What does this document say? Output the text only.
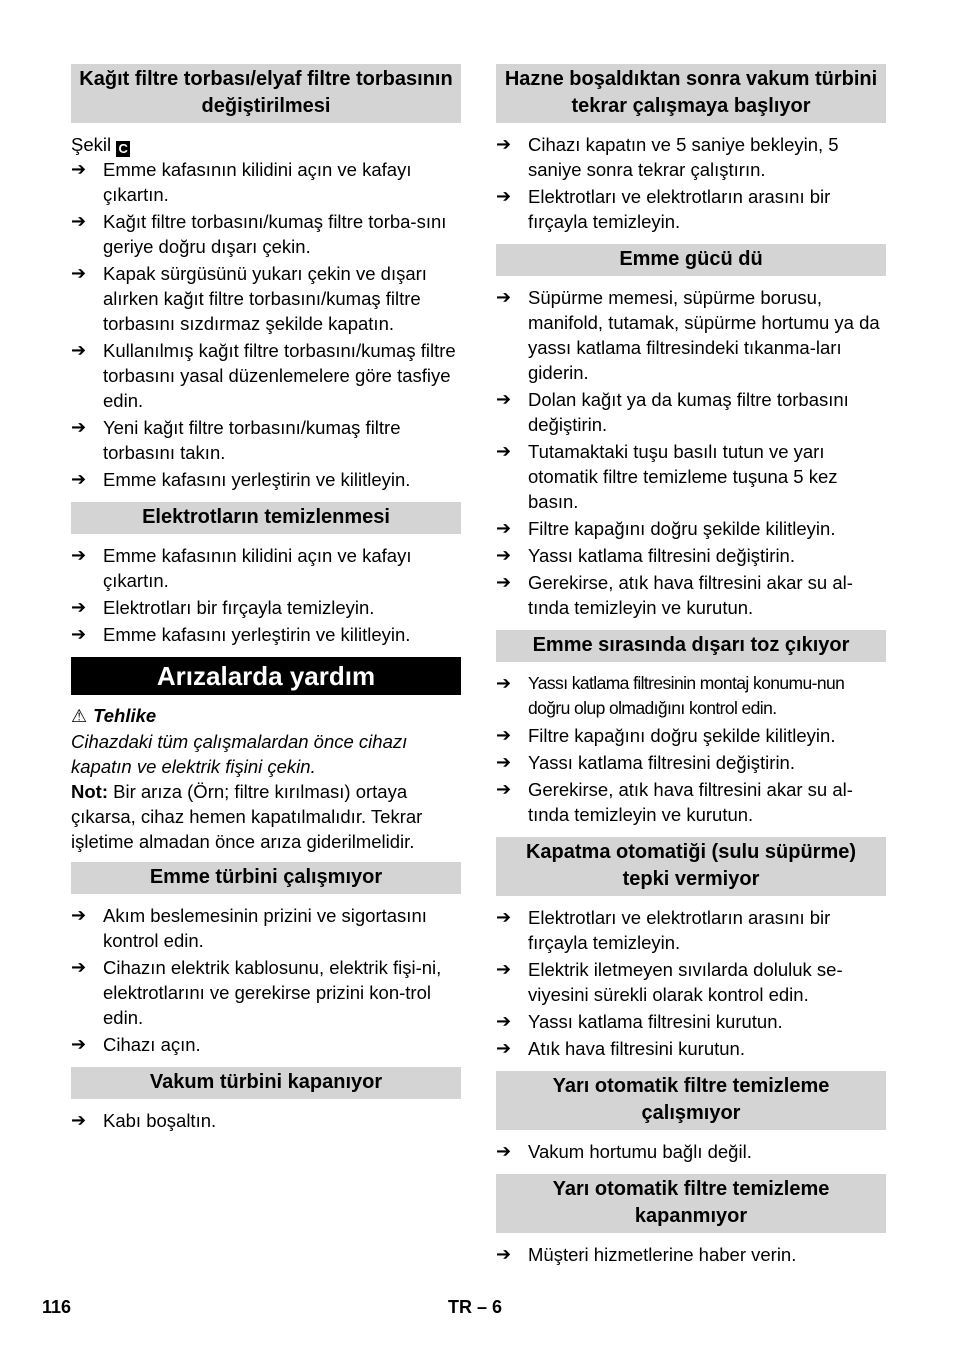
Kağıt filtre torbası/elyaf filtre torbasının değiştirilmesi
Şekil C
➔ Emme kafasının kilidini açın ve kafayı çıkartın.
➔ Kağıt filtre torbasını/kumaş filtre torba-sını geriye doğru dışarı çekin.
➔ Kapak sürgüsünü yukarı çekin ve dışarı alırken kağıt filtre torbasını/kumaş filtre torbasını sızdırmaz şekilde kapatın.
➔ Kullanılmış kağıt filtre torbasını/kumaş filtre torbasını yasal düzenlemelere göre tasfiye edin.
➔ Yeni kağıt filtre torbasını/kumaş filtre torbasını takın.
➔ Emme kafasını yerleştirin ve kilitleyin.
Elektrotların temizlenmesi
➔ Emme kafasının kilidini açın ve kafayı çıkartın.
➔ Elektrotları bir fırçayla temizleyin.
➔ Emme kafasını yerleştirin ve kilitleyin.
Arızalarda yardım
⚠ Tehlike
Cihazdaki tüm çalışmalardan önce cihazı kapatın ve elektrik fişini çekin.
Not: Bir arıza (Örn; filtre kırılması) ortaya çıkarsa, cihaz hemen kapatılmalıdır. Tekrar işletime almadan önce arıza giderilmelidir.
Emme türbini çalışmıyor
➔ Akım beslemesinin prizini ve sigortasını kontrol edin.
➔ Cihazın elektrik kablosunu, elektrik fişi-ni, elektrotlarını ve gerekirse prizini kon-trol edin.
➔ Cihazı açın.
Vakum türbini kapanıyor
➔ Kabı boşaltın.
Hazne boşaldıktan sonra vakum türbini tekrar çalışmaya başlıyor
➔ Cihazı kapatın ve 5 saniye bekleyin, 5 saniye sonra tekrar çalıştırın.
➔ Elektrotları ve elektrotların arasını bir fırçayla temizleyin.
Emme gücü dü
➔ Süpürme memesi, süpürme borusu, manifold, tutamak, süpürme hortumu ya da yassı katlama filtresindeki tıkanma-ları giderin.
➔ Dolan kağıt ya da kumaş filtre torbasını değiştirin.
➔ Tutamaktaki tuşu basılı tutun ve yarı otomatik filtre temizleme tuşuna 5 kez basın.
➔ Filtre kapağını doğru şekilde kilitleyin.
➔ Yassı katlama filtresini değiştirin.
➔ Gerekirse, atık hava filtresini akar su al-tında temizleyin ve kurutun.
Emme sırasında dışarı toz çıkıyor
➔ Yassı katlama filtresinin montaj konumu-nun doğru olup olmadığını kontrol edin.
➔ Filtre kapağını doğru şekilde kilitleyin.
➔ Yassı katlama filtresini değiştirin.
➔ Gerekirse, atık hava filtresini akar su al-tında temizleyin ve kurutun.
Kapatma otomatiği (sulu süpürme) tepki vermiyor
➔ Elektrotları ve elektrotların arasını bir fırçayla temizleyin.
➔ Elektrik iletmeyen sıvılarda doluluk se-viyesini sürekli olarak kontrol edin.
➔ Yassı katlama filtresini kurutun.
➔ Atık hava filtresini kurutun.
Yarı otomatik filtre temizleme çalışmıyor
➔ Vakum hortumu bağlı değil.
Yarı otomatik filtre temizleme kapanmıyor
➔ Müşteri hizmetlerine haber verin.
116	TR – 6
